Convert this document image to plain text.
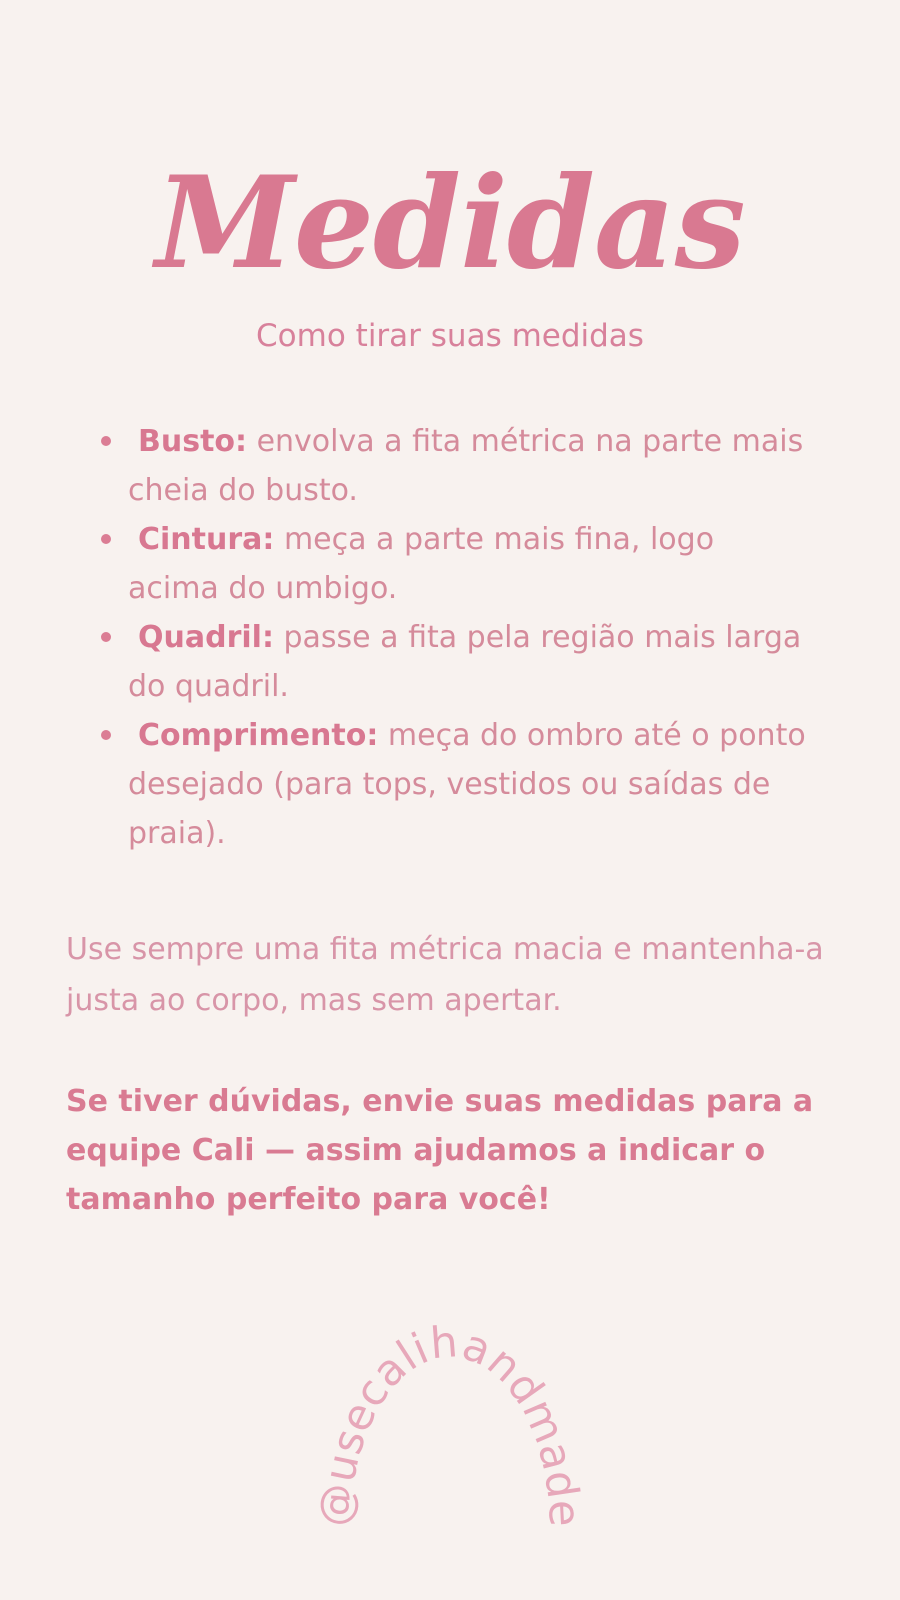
Medidas

Como tirar suas medidas

Busto: envolva a fita métrica na parte mais cheia do busto.
Cintura: meça a parte mais fina, logo acima do umbigo.
Quadril: passe a fita pela região mais larga do quadril.
Comprimento: meça do ombro até o ponto desejado (para tops, vestidos ou saídas de praia).

Use sempre uma fita métrica macia e mantenha-a justa ao corpo, mas sem apertar.

Se tiver dúvidas, envie suas medidas para a equipe Cali — assim ajudamos a indicar o tamanho perfeito para você!

@usecalihandmade
